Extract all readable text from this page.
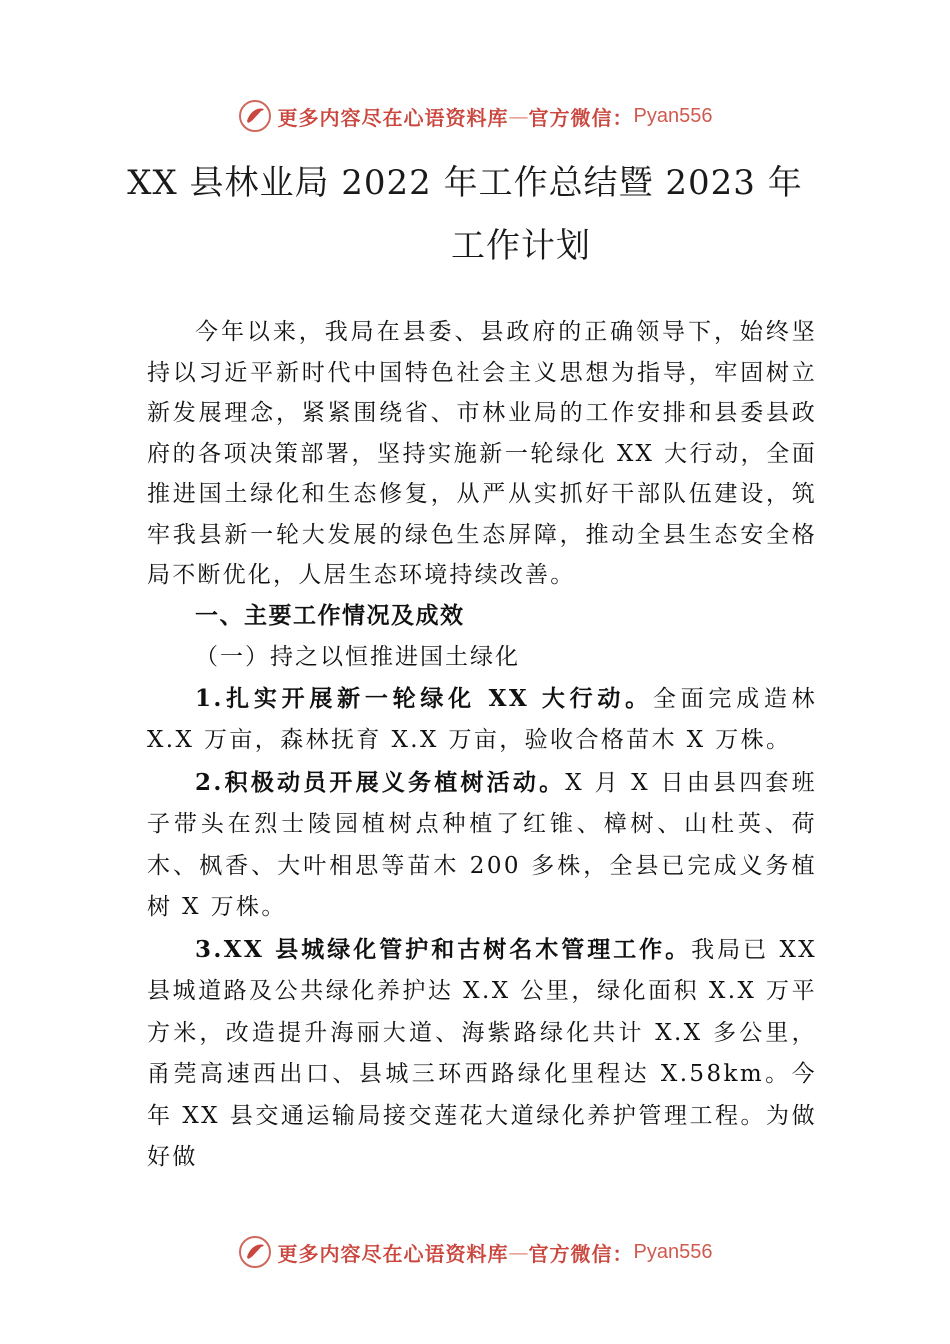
更多内容尽在心语资料库 — 官方微信： Pyan556
XX 县林业局 2022 年工作总结暨 2023 年
工作计划

今年以来，我局在县委、县政府的正确领导下，始终坚持以习近平新时代中国特色社会主义思想为指导，牢固树立新发展理念，紧紧围绕省、市林业局的工作安排和县委县政府的各项决策部署，坚持实施新一轮绿化 XX 大行动，全面推进国土绿化和生态修复，从严从实抓好干部队伍建设，筑牢我县新一轮大发展的绿色生态屏障，推动全县生态安全格局不断优化，人居生态环境持续改善。

一、主要工作情况及成效

（一）持之以恒推进国土绿化

1.扎实开展新一轮绿化 XX 大行动。全面完成造林 X.X 万亩，森林抚育 X.X 万亩，验收合格苗木 X 万株。

2.积极动员开展义务植树活动。X 月 X 日由县四套班子带头在烈士陵园植树点种植了红锥、樟树、山杜英、荷木、枫香、大叶相思等苗木 200 多株，全县已完成义务植树 X 万株。

3.XX 县城绿化管护和古树名木管理工作。我局已 XX 县城道路及公共绿化养护达 X.X 公里，绿化面积 X.X 万平方米，改造提升海丽大道、海紫路绿化共计 X.X 多公里，甬莞高速西出口、县城三环西路绿化里程达 X.58km。今年 XX 县交通运输局接交莲花大道绿化养护管理工程。为做好做

更多内容尽在心语资料库 — 官方微信： Pyan556
